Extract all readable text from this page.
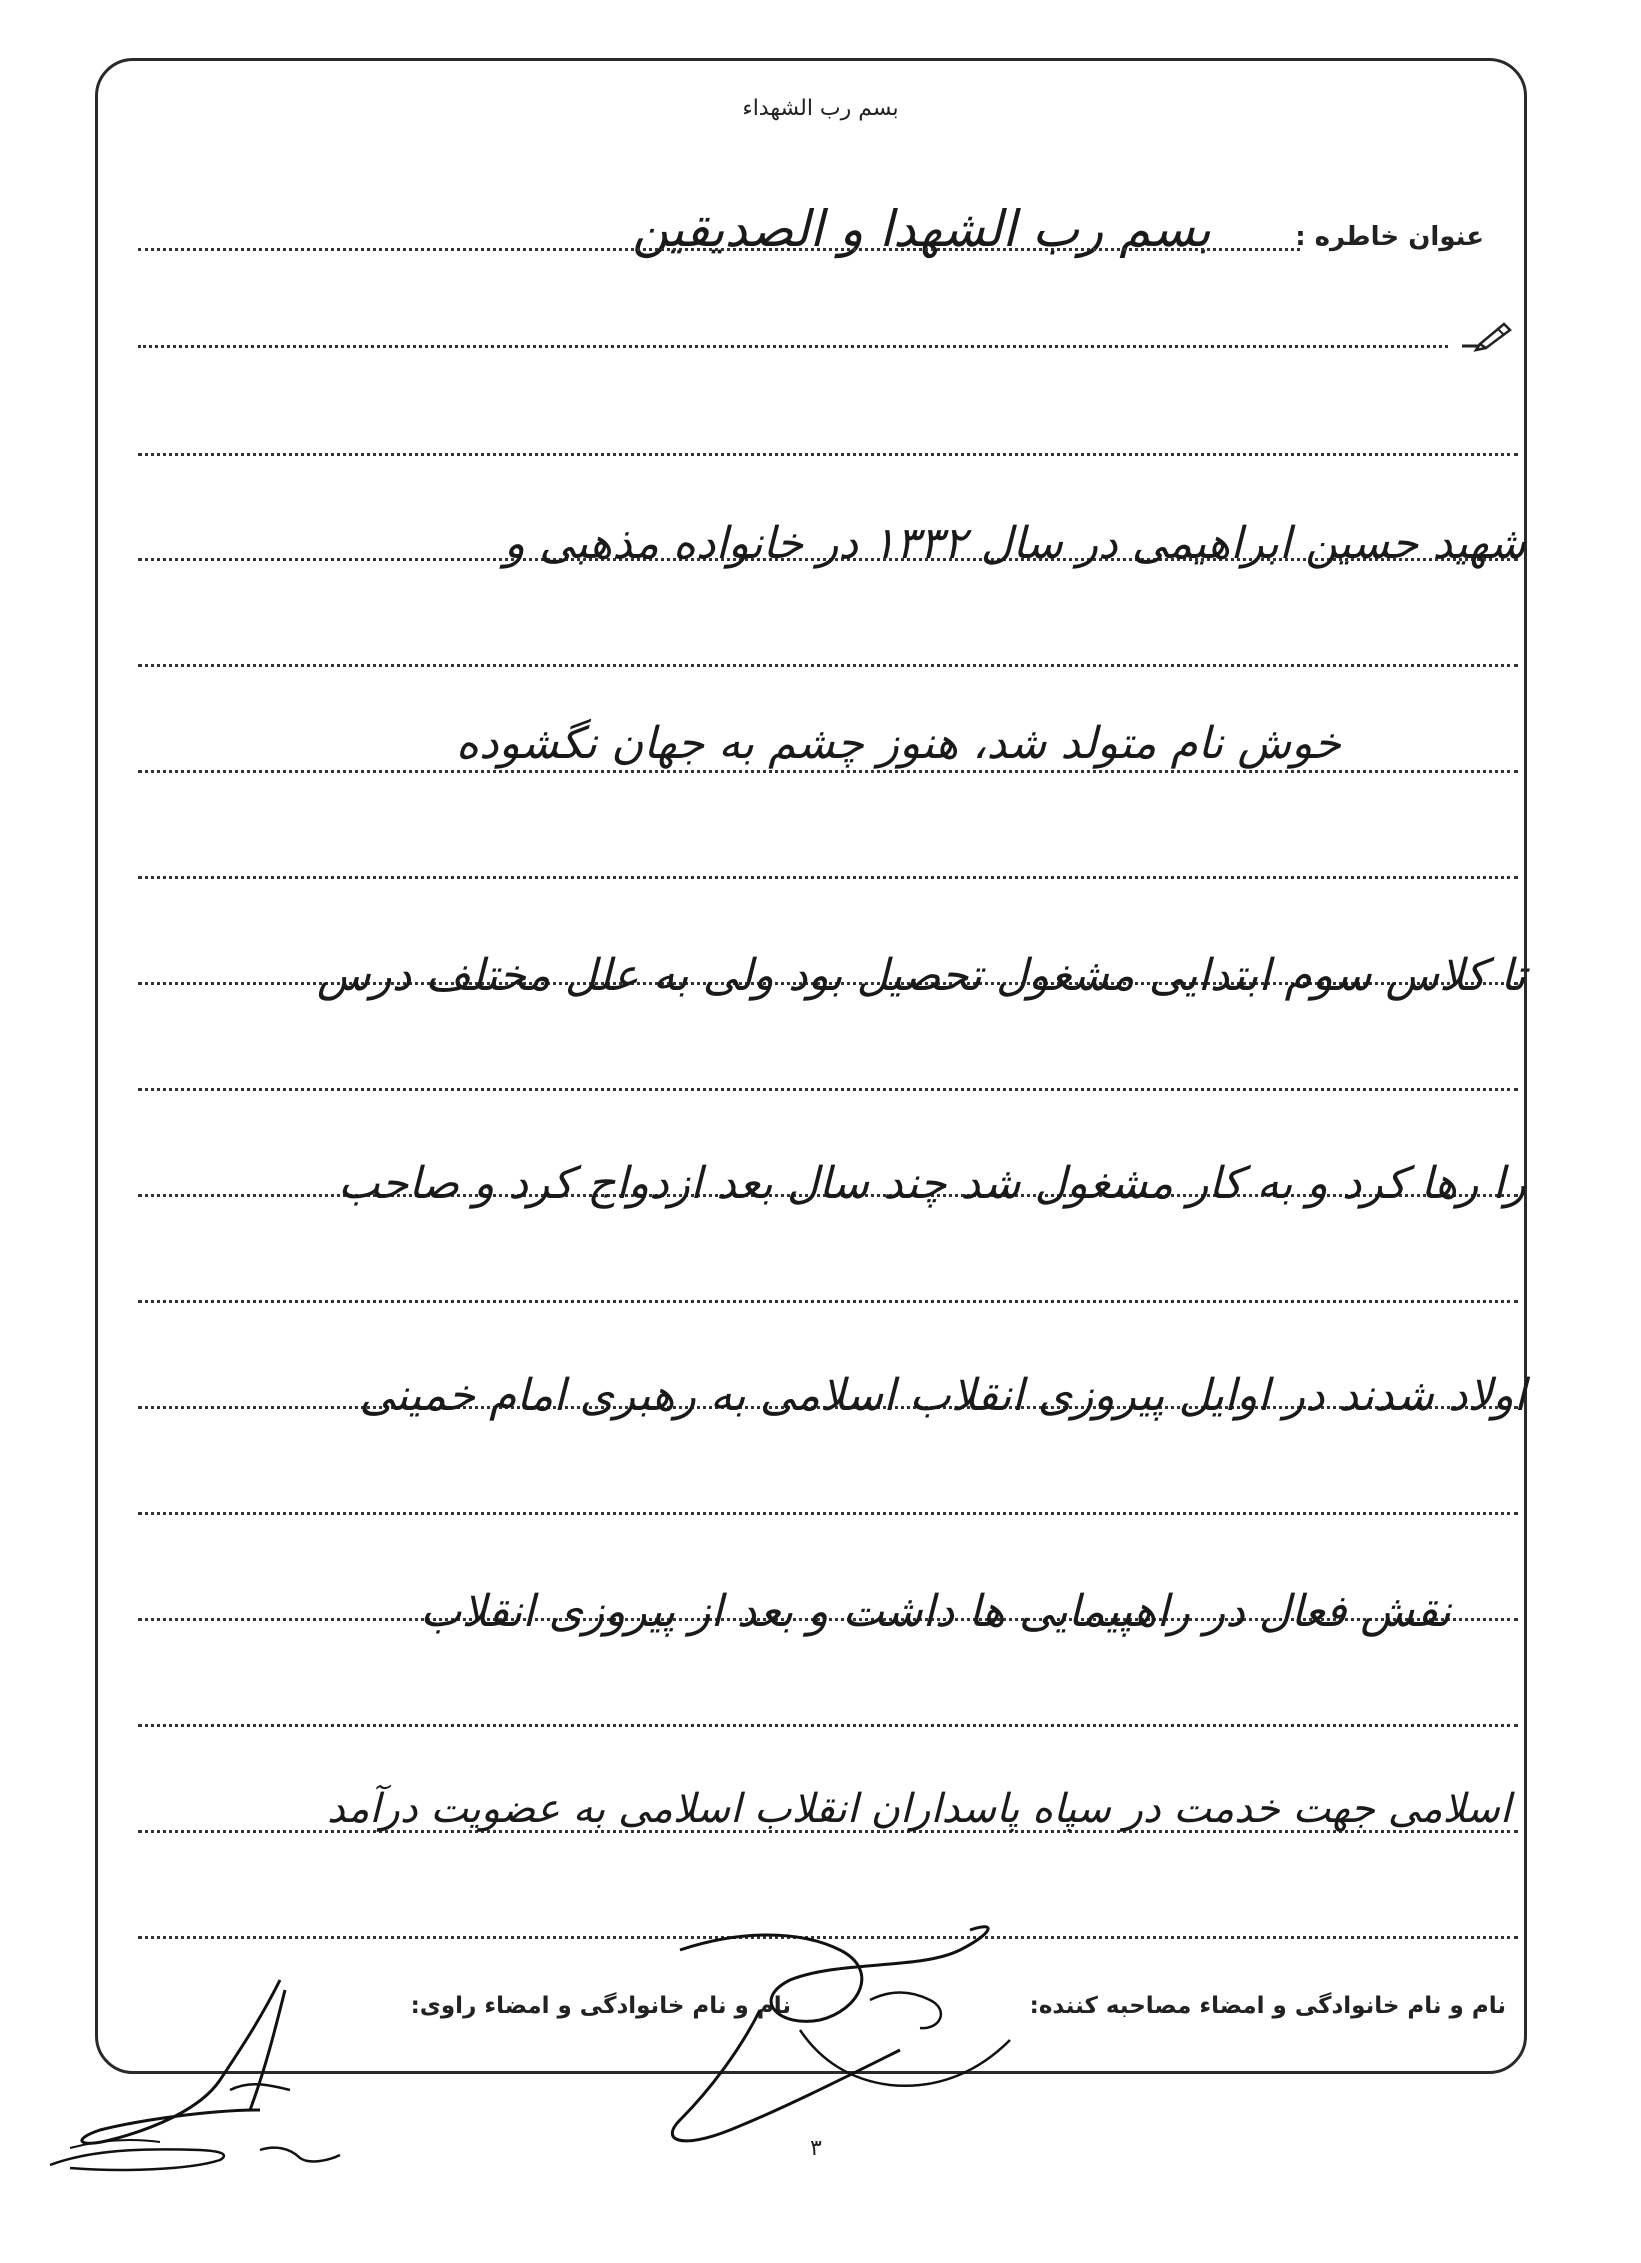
بسم رب الشهداء
عنوان خاطره :
بسم رب الشهدا و الصدیقین
شهید حسین ابراهیمی در سال ۱۳۳۲ در خانواده مذهبی و
خوش نام متولد شد، هنوز چشم به جهان نگشوده
تا کلاس سوم ابتدایی مشغول تحصیل بود ولی به علل مختلف درس
را رها کرد و به کار مشغول شد چند سال بعد ازدواج کرد و صاحب
اولاد شدند در اوایل پیروزی انقلاب اسلامی به رهبری امام خمینی
نقش فعال در راهپیمایی ها داشت و بعد از پیروزی انقلاب
اسلامی جهت خدمت در سپاه پاسداران انقلاب اسلامی به عضویت درآمد
نام و نام خانوادگی و امضاء مصاحبه کننده:
نام و نام خانوادگی و امضاء راوی:
۳
